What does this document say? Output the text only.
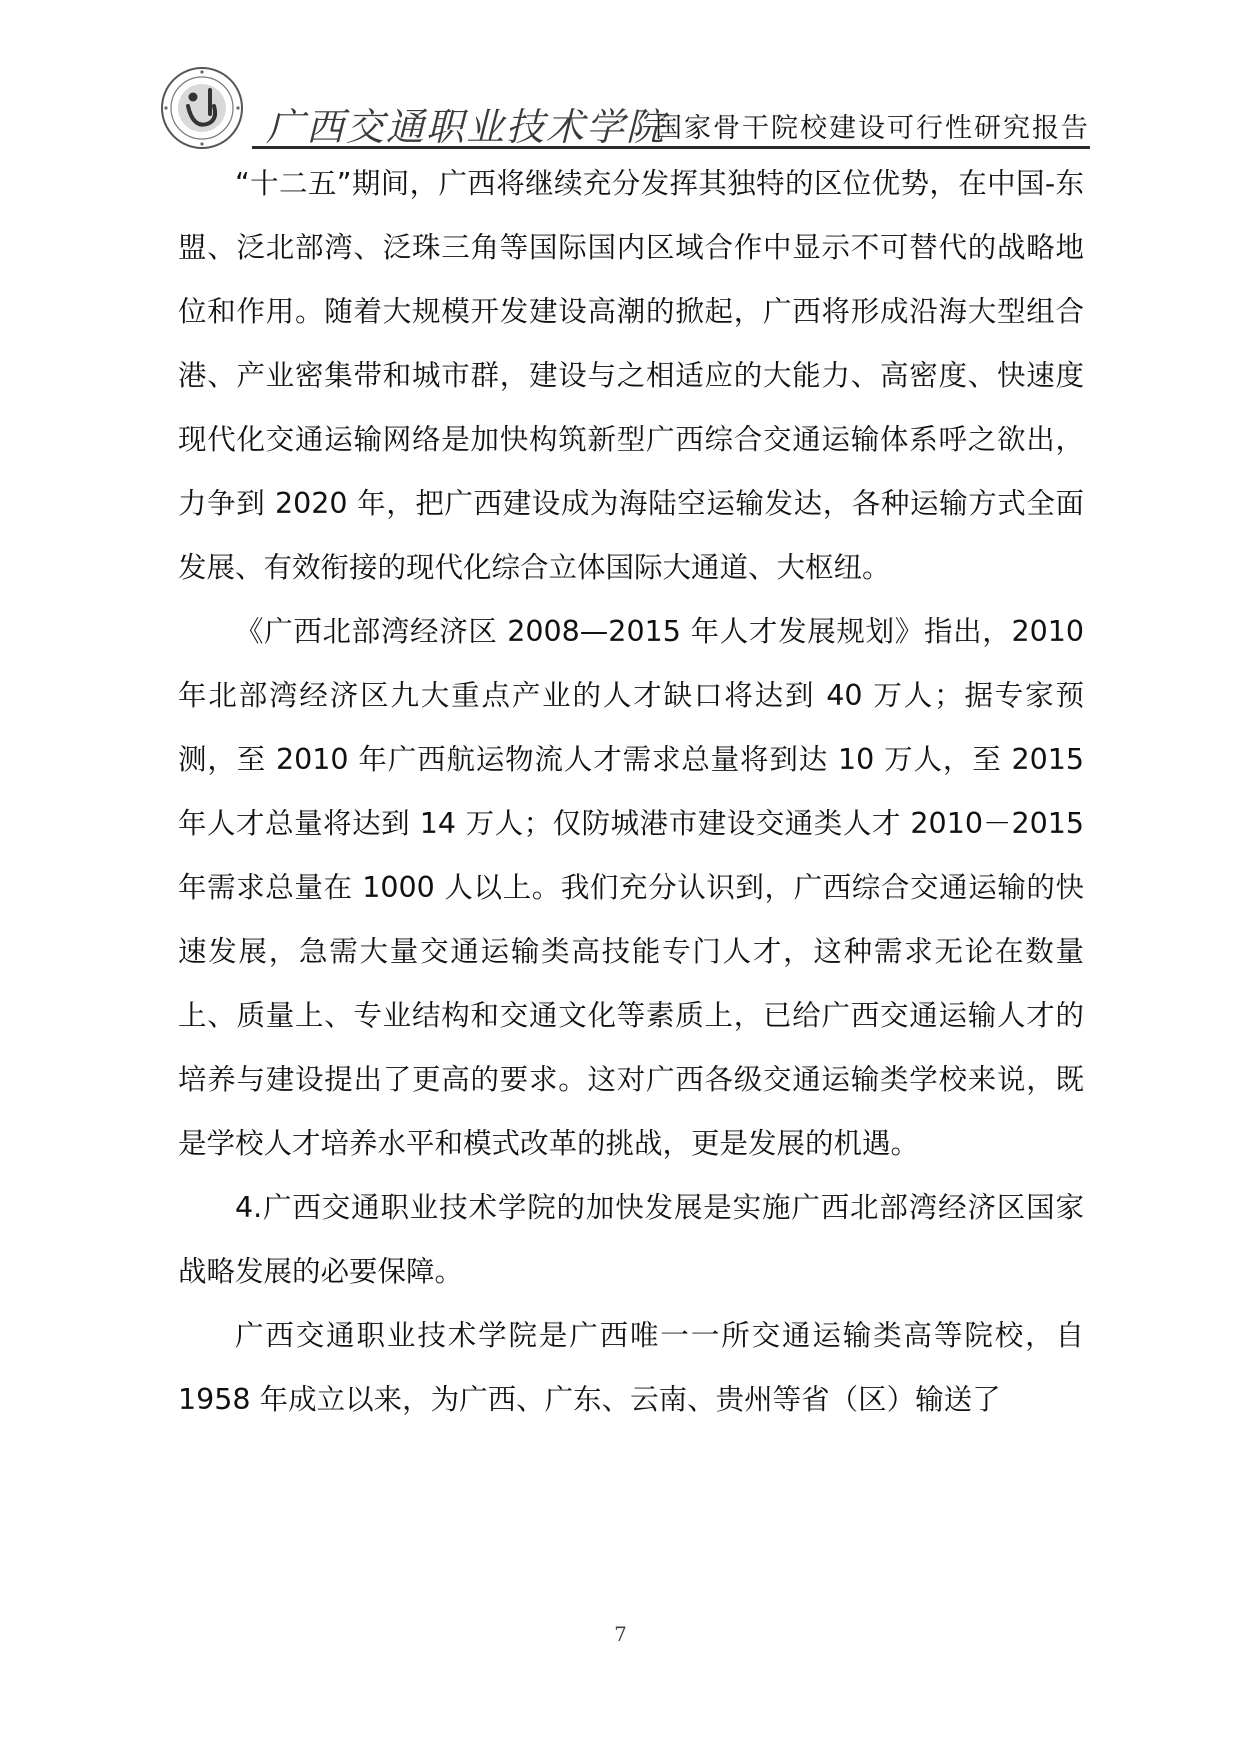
广西交通职业技术学院
国家骨干院校建设可行性研究报告

“十二五”期间，广西将继续充分发挥其独特的区位优势，在中国-东盟、泛北部湾、泛珠三角等国际国内区域合作中显示不可替代的战略地位和作用。随着大规模开发建设高潮的掀起，广西将形成沿海大型组合港、产业密集带和城市群，建设与之相适应的大能力、高密度、快速度现代化交通运输网络是加快构筑新型广西综合交通运输体系呼之欲出，力争到 2020 年，把广西建设成为海陆空运输发达，各种运输方式全面发展、有效衔接的现代化综合立体国际大通道、大枢纽。

《广西北部湾经济区 2008—2015 年人才发展规划》指出，2010 年北部湾经济区九大重点产业的人才缺口将达到 40 万人；据专家预测，至 2010 年广西航运物流人才需求总量将到达 10 万人，至 2015 年人才总量将达到 14 万人；仅防城港市建设交通类人才 2010－2015 年需求总量在 1000 人以上。我们充分认识到，广西综合交通运输的快速发展，急需大量交通运输类高技能专门人才，这种需求无论在数量上、质量上、专业结构和交通文化等素质上，已给广西交通运输人才的培养与建设提出了更高的要求。这对广西各级交通运输类学校来说，既是学校人才培养水平和模式改革的挑战，更是发展的机遇。

4.广西交通职业技术学院的加快发展是实施广西北部湾经济区国家战略发展的必要保障。

广西交通职业技术学院是广西唯一一所交通运输类高等院校，自 1958 年成立以来，为广西、广东、云南、贵州等省（区）输送了

7
